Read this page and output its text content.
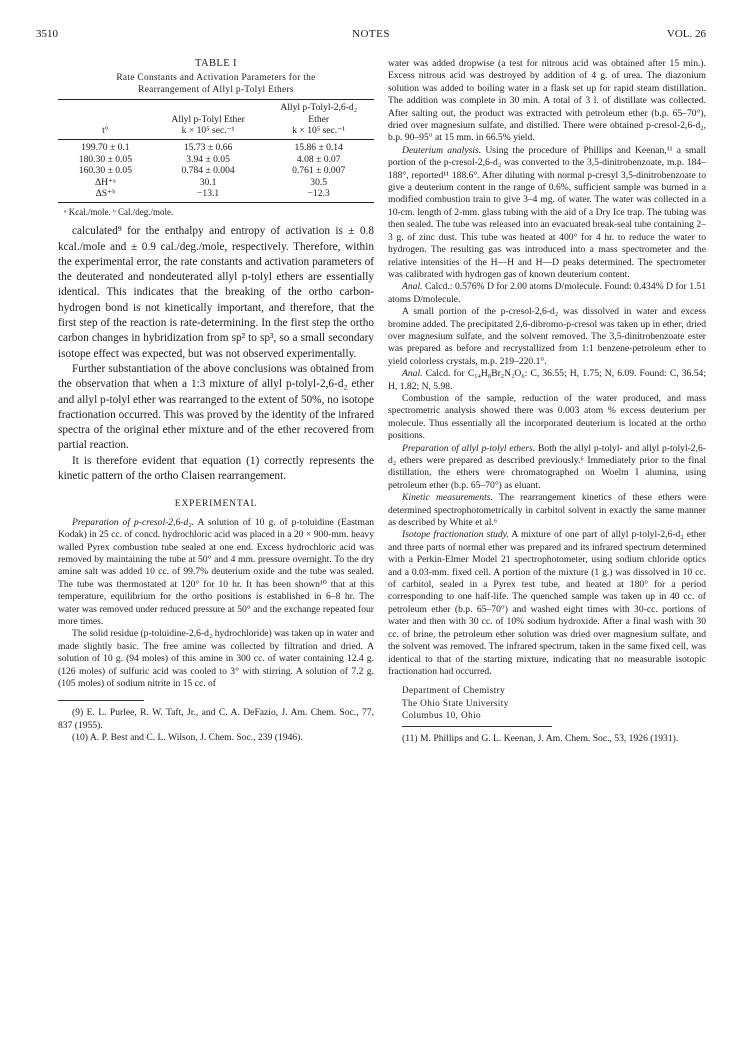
3510	NOTES	VOL. 26
TABLE I
Rate Constants and Activation Parameters for the
Rearrangement of Allyl p-Tolyl Ethers
		Allyl p-Tolyl-2,6-d₂
	Allyl p-Tolyl Ether	Ether
t°	k × 10⁵ sec.⁻¹	k × 10⁵ sec.⁻¹
199.70 ± 0.1	15.73 ± 0.66	15.86 ± 0.14
180.30 ± 0.05	3.94 ± 0.05	4.08 ± 0.07
160.30 ± 0.05	0.784 ± 0.004	0.761 ± 0.007
ΔH⁺ᵃ	30.1	30.5
ΔS⁺ᵇ	−13.1	−12.3
ᵃ Kcal./mole. ᵇ Cal./deg./mole.

calculated⁹ for the enthalpy and entropy of activation is ± 0.8 kcal./mole and ± 0.9 cal./deg./mole, respectively. Therefore, within the experimental error, the rate constants and activation parameters of the deuterated and nondeuterated allyl p-tolyl ethers are essentially identical. This indicates that the breaking of the ortho carbon-hydrogen bond is not kinetically important, and therefore, that the first step of the reaction is rate-determining. In the first step the ortho carbon changes in hybridization from sp² to sp³, so a small secondary isotope effect was expected, but was not observed experimentally.

Further substantiation of the above conclusions was obtained from the observation that when a 1:3 mixture of allyl p-tolyl-2,6-d₂ ether and allyl p-tolyl ether was rearranged to the extent of 50%, no isotope fractionation occurred. This was proved by the identity of the infrared spectra of the original ether mixture and of the ether recovered from partial reaction.

It is therefore evident that equation (1) correctly represents the kinetic pattern of the ortho Claisen rearrangement.

EXPERIMENTAL

Preparation of p-cresol-2,6-d₂. A solution of 10 g. of p-toluidine (Eastman Kodak) in 25 cc. of concd. hydrochloric acid was placed in a 20 × 900-mm. heavy walled Pyrex combustion tube sealed at one end. Excess hydrochloric acid was removed by maintaining the tube at 50° and 4 mm. pressure overnight. To the dry amine salt was added 10 cc. of 99.7% deuterium oxide and the tube was sealed. The tube was thermostated at 120° for 10 hr. It has been shown¹⁰ that at this temperature, equilibrium for the ortho positions is established in 6–8 hr. The water was removed under reduced pressure at 50° and the exchange repeated four more times.

The solid residue (p-toluidine-2,6-d₂ hydrochloride) was taken up in water and made slightly basic. The free amine was collected by filtration and dried. A solution of 10 g. (94 moles) of this amine in 300 cc. of water containing 12.4 g. (126 moles) of sulfuric acid was cooled to 3° with stirring. A solution of 7.2 g. (105 moles) of sodium nitrite in 15 cc. of

(9) E. L. Purlee, R. W. Taft, Jr., and C. A. DeFazio, J. Am. Chem. Soc., 77, 837 (1955).

(10) A. P. Best and C. L. Wilson, J. Chem. Soc., 239 (1946).

water was added dropwise (a test for nitrous acid was obtained after 15 min.). Excess nitrous acid was destroyed by addition of 4 g. of urea. The diazonium solution was added to boiling water in a flask set up for rapid steam distillation. The addition was complete in 30 min. A total of 3 l. of distillate was collected. After salting out, the product was extracted with petroleum ether (b.p. 65–70°), dried over magnesium sulfate, and distilled. There were obtained p-cresol-2,6-d₂, b.p. 90–95° at 15 mm. in 66.5% yield.

Deuterium analysis. Using the procedure of Phillips and Keenan,¹¹ a small portion of the p-cresol-2,6-d₂ was converted to the 3,5-dinitrobenzoate, m.p. 184–188°, reported¹¹ 188.6°. After diluting with normal p-cresyl 3,5-dinitrobenzoate to give a deuterium content in the range of 0.6%, sufficient sample was burned in a modified combustion train to give 3–4 mg. of water. The water was collected in a 10-cm. length of 2-mm. glass tubing with the aid of a Dry Ice trap. The tubing was then sealed. The tube was released into an evacuated break-seal tube containing 2–3 g. of zinc dust. This tube was heated at 400° for 4 hr. to reduce the water to hydrogen. The resulting gas was introduced into a mass spectrometer and the relative intensities of the H—H and H—D peaks determined. The spectrometer was calibrated with hydrogen gas of known deuterium content.

Anal. Calcd.: 0.576% D for 2.00 atoms D/molecule. Found: 0.434% D for 1.51 atoms D/molecule.

A small portion of the p-cresol-2,6-d₂ was dissolved in water and excess bromine added. The precipitated 2,6-dibromo-p-cresol was taken up in ether, dried over magnesium sulfate, and the solvent removed. The 3,5-dinitrobenzoate ester was prepared as before and recrystallized from 1:1 benzene-petroleum ether to yield colorless crystals, m.p. 219–220.1°.

Anal. Calcd. for C₁₄H₈Br₂N₂O₆: C, 36.55; H, 1.75; N, 6.09. Found: C, 36.54; H, 1.82; N, 5.98.

Combustion of the sample, reduction of the water produced, and mass spectrometric analysis showed there was 0.003 atom % excess deuterium per molecule. Thus essentially all the incorporated deuterium is located at the ortho positions.

Preparation of allyl p-tolyl ethers. Both the allyl p-tolyl- and allyl p-tolyl-2,6-d₂ ethers were prepared as described previously.⁶ Immediately prior to the final distillation, the ethers were chromatographed on Woelm I alumina, using petroleum ether (b.p. 65–70°) as eluant.

Kinetic measurements. The rearrangement kinetics of these ethers were determined spectrophotometrically in carbitol solvent in exactly the same manner as described by White et al.⁶

Isotope fractionation study. A mixture of one part of allyl p-tolyl-2,6-d₂ ether and three parts of normal ether was prepared and its infrared spectrum determined with a Perkin-Elmer Model 21 spectrophotometer, using sodium chloride optics and a 0.03-mm. fixed cell. A portion of the mixture (1 g.) was dissolved in 10 cc. of carbitol, sealed in a Pyrex test tube, and heated at 180° for a period corresponding to one half-life. The quenched sample was taken up in 40 cc. of petroleum ether (b.p. 65–70°) and washed eight times with 30-cc. portions of water and then with 30 cc. of 10% sodium hydroxide. After a final wash with 30 cc. of brine, the petroleum ether solution was dried over magnesium sulfate, and the solvent was removed. The infrared spectrum, taken in the same fixed cell, was identical to that of the starting mixture, indicating that no measurable isotopic fractionation had occurred.

Department of Chemistry
The Ohio State University
Columbus 10, Ohio

(11) M. Phillips and G. L. Keenan, J. Am. Chem. Soc., 53, 1926 (1931).
